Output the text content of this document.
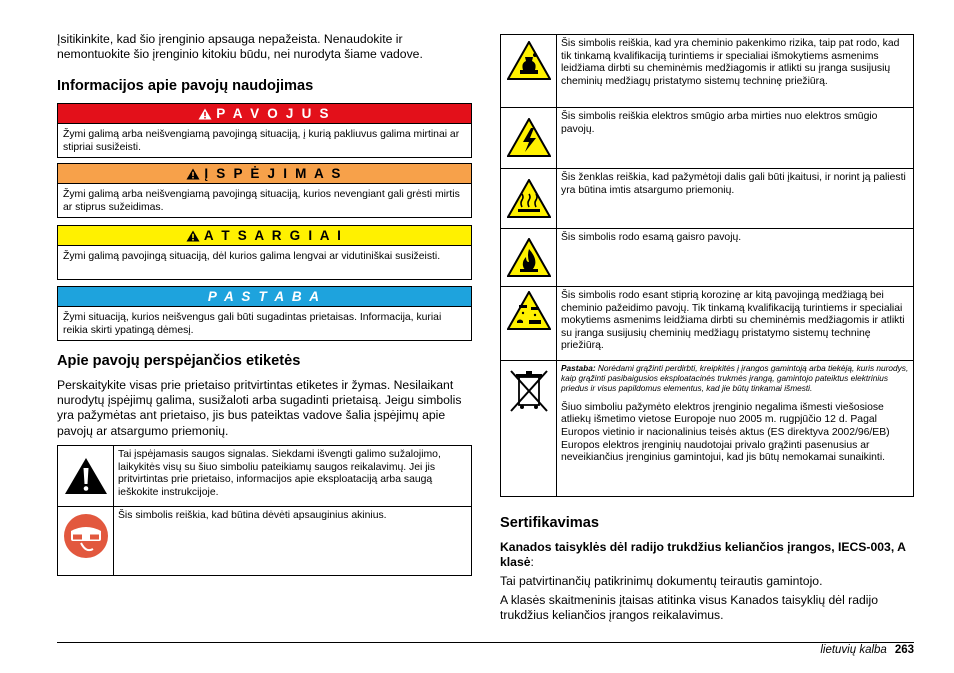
Įsitikinkite, kad šio įrenginio apsauga nepažeista. Nenaudokite ir nemontuokite šio įrenginio kitokiu būdu, nei nurodyta šiame vadove.

Informacijos apie pavojų naudojimas
P A V O J U S
Žymi galimą arba neišvengiamą pavojingą situaciją, į kurią pakliuvus galima mirtinai ar stipriai susižeisti.
Į S P Ė J I M A S
Žymi galimą arba neišvengiamą pavojingą situaciją, kurios nevengiant gali grėsti mirtis ar stiprus sužeidimas.
A T S A R G I A I
Žymi galimą pavojingą situaciją, dėl kurios galima lengvai ar vidutiniškai susižeisti.
P A S T A B A
Žymi situaciją, kurios neišvengus gali būti sugadintas prietaisas. Informacija, kuriai reikia skirti ypatingą dėmesį.
Apie pavojų perspėjančios etiketės

Perskaitykite visas prie prietaiso pritvirtintas etiketes ir žymas. Nesilaikant nurodytų įspėjimų galima, susižaloti arba sugadinti prietaisą. Jeigu simbolis yra pažymėtas ant prietaiso, jis bus pateiktas vadove šalia įspėjimų apie pavojų ar atsargumo priemonių.

	Tai įspėjamasis saugos signalas. Siekdami išvengti galimo sužalojimo, laikykitės visų su šiuo simboliu pateikiamų saugos reikalavimų. Jei jis pritvirtintas prie prietaiso, informacijos apie eksploataciją arba saugą ieškokite instrukcijoje.

	Šis simbolis reiškia, kad būtina dėvėti apsauginius akinius.
	Šis simbolis reiškia, kad yra cheminio pakenkimo rizika, taip pat rodo, kad tik tinkamą kvalifikaciją turintiems ir specialiai išmokytiems asmenims leidžiama dirbti su cheminėmis medžiagomis ir atlikti su įranga susijusių cheminių medžiagų pristatymo sistemų techninę priežiūrą.

	Šis simbolis reiškia elektros smūgio arba mirties nuo elektros smūgio pavojų.

	Šis ženklas reiškia, kad pažymėtoji dalis gali būti įkaitusi, ir norint ją paliesti yra būtina imtis atsargumo priemonių.

	Šis simbolis rodo esamą gaisro pavojų.

	Šis simbolis rodo esant stiprią korozinę ar kitą pavojingą medžiagą bei cheminio pažeidimo pavojų. Tik tinkamą kvalifikaciją turintiems ir specialiai mokytiems asmenims leidžiama dirbti su cheminėmis medžiagomis ir atlikti su įranga susijusių cheminių medžiagų pristatymo sistemų techninę priežiūrą.

Pastaba: Norėdami grąžinti perdirbti, kreipkitės į įrangos gamintoją arba tiekėją, kuris nurodys, kaip grąžinti pasibaigusios eksploatacinės trukmės įrangą, gamintojo pateiktus elektrinius priedus ir visus papildomus elementus, kad jie būtų tinkamai išmesti.
Šiuo simboliu pažymėto elektros įrenginio negalima išmesti viešosiose atliekų išmetimo vietose Europoje nuo 2005 m. rugpjūčio 12 d. Pagal Europos vietinio ir nacionalinius teisės aktus (ES direktyva 2002/96/EB) Europos elektros įrenginių naudotojai privalo grąžinti pasenusius ar neveikiančius įrenginius gamintojui, kad jis būtų nemokamai sunaikinti.
Sertifikavimas

Kanados taisyklės dėl radijo trukdžius keliančios įrangos, IECS-003, A klasė:

Tai patvirtinančių patikrinimų dokumentų teirautis gamintojo.

A klasės skaitmeninis įtaisas atitinka visus Kanados taisyklių dėl radijo trukdžius keliančios įrangos reikalavimus.

lietuvių kalba 263
